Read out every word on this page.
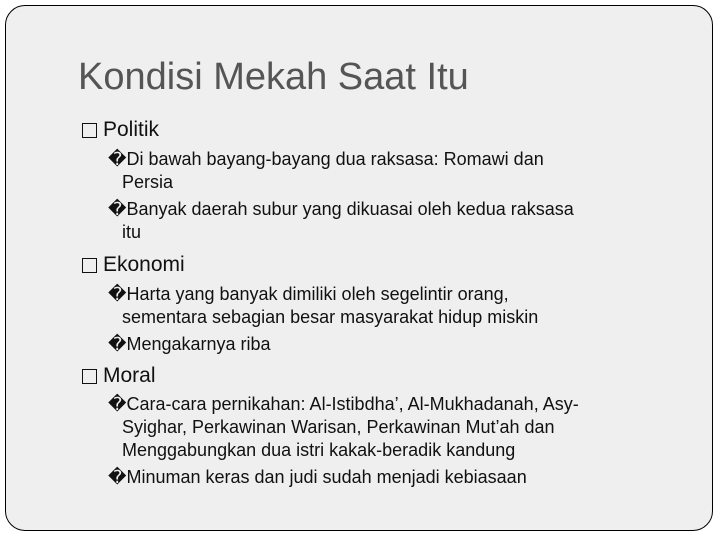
Kondisi Mekah Saat Itu
Politik
�Di bawah bayang-bayang dua raksasa: Romawi dan
Persia
�Banyak daerah subur yang dikuasai oleh kedua raksasa
itu
Ekonomi
�Harta yang banyak dimiliki oleh segelintir orang,
sementara sebagian besar masyarakat hidup miskin
�Mengakarnya riba
Moral
�Cara-cara pernikahan: Al-Istibdha’, Al-Mukhadanah, Asy-
Syighar, Perkawinan Warisan, Perkawinan Mut’ah dan
Menggabungkan dua istri kakak-beradik kandung
�Minuman keras dan judi sudah menjadi kebiasaan
